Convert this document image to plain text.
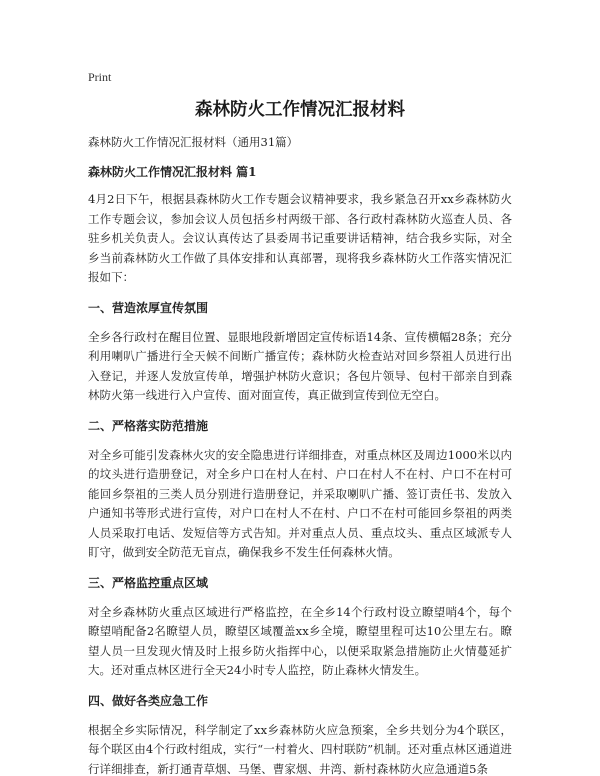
Print
森林防火工作情况汇报材料

森林防火工作情况汇报材料（通用31篇）

森林防火工作情况汇报材料 篇1

4月2日下午，根据县森林防火工作专题会议精神要求，我乡紧急召开xx乡森林防火工作专题会议，参加会议人员包括乡村两级干部、各行政村森林防火巡查人员、各驻乡机关负责人。会议认真传达了县委周书记重要讲话精神，结合我乡实际，对全乡当前森林防火工作做了具体安排和认真部署，现将我乡森林防火工作落实情况汇报如下：

一、营造浓厚宣传氛围

全乡各行政村在醒目位置、显眼地段新增固定宣传标语14条、宣传横幅28条；充分利用喇叭广播进行全天候不间断广播宣传；森林防火检查站对回乡祭祖人员进行出入登记，并逐人发放宣传单，增强护林防火意识；各包片领导、包村干部亲自到森林防火第一线进行入户宣传、面对面宣传，真正做到宣传到位无空白。

二、严格落实防范措施

对全乡可能引发森林火灾的安全隐患进行详细排查，对重点林区及周边1000米以内的坟头进行造册登记，对全乡户口在村人在村、户口在村人不在村、户口不在村可能回乡祭祖的三类人员分别进行造册登记，并采取喇叭广播、签订责任书、发放入户通知书等形式进行宣传，对户口在村人不在村、户口不在村可能回乡祭祖的两类人员采取打电话、发短信等方式告知。并对重点人员、重点坟头、重点区域派专人盯守，做到安全防范无盲点，确保我乡不发生任何森林火情。

三、严格监控重点区域

对全乡森林防火重点区域进行严格监控，在全乡14个行政村设立瞭望哨4个，每个瞭望哨配备2名瞭望人员，瞭望区域覆盖xx乡全境，瞭望里程可达10公里左右。瞭望人员一旦发现火情及时上报乡防火指挥中心，以便采取紧急措施防止火情蔓延扩大。还对重点林区进行全天24小时专人监控，防止森林火情发生。

四、做好各类应急工作

根据全乡实际情况，科学制定了xx乡森林防火应急预案，全乡共划分为4个联区，每个联区由4个行政村组成，实行“一村着火、四村联防”机制。还对重点林区通道进行详细排查，新打通青草烟、马堡、曹家烟、井湾、新村森林防火应急通道5条
